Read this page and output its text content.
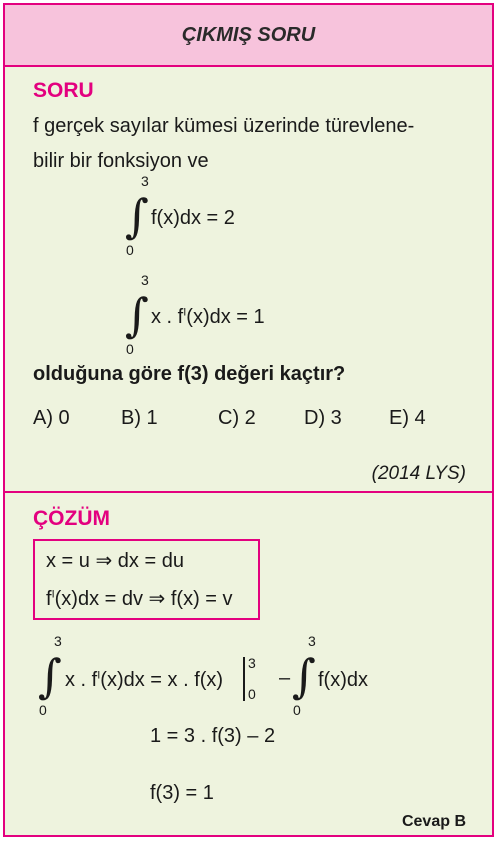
ÇIKMIŞ SORU
SORU
f gerçek sayılar kümesi üzerinde türevlene-
bilir bir fonksiyon ve
3
∫
0
f(x)dx = 2
3
∫
0
x . $f^I(x)dx = 1$
olduğuna göre f(3) değeri kaçtır?
A) 0	B) 1	C) 2 D) 3 E) 4
(2014 LYS)
ÇÖZÜM
x = u ⇒ dx = du
$f^I(x)dx$ = dv ⇒ f(x) = v
3
∫
0
x . $f^I(x)dx = x$ . f(x)
3
0
–
3
∫
0
f(x)dx
1 = 3 . f(3) – 2
f(3) = 1
Cevap B
